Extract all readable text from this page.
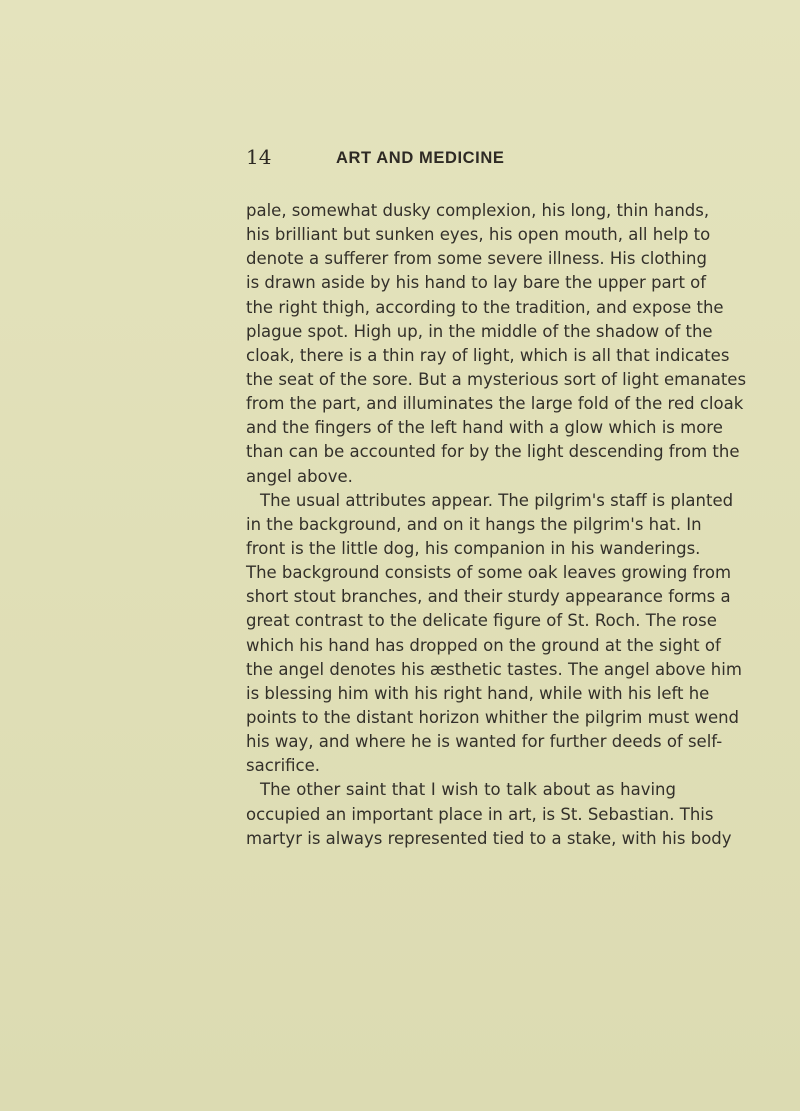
14	ART AND MEDICINE
pale, somewhat dusky complexion, his long, thin hands,
his brilliant but sunken eyes, his open mouth, all help to
denote a sufferer from some severe illness. His clothing
is drawn aside by his hand to lay bare the upper part of
the right thigh, according to the tradition, and expose the
plague spot. High up, in the middle of the shadow of the
cloak, there is a thin ray of light, which is all that indicates
the seat of the sore. But a mysterious sort of light emanates
from the part, and illuminates the large fold of the red cloak
and the fingers of the left hand with a glow which is more
than can be accounted for by the light descending from the
angel above.
The usual attributes appear. The pilgrim's staff is planted
in the background, and on it hangs the pilgrim's hat. In
front is the little dog, his companion in his wanderings.
The background consists of some oak leaves growing from
short stout branches, and their sturdy appearance forms a
great contrast to the delicate figure of St. Roch. The rose
which his hand has dropped on the ground at the sight of
the angel denotes his æsthetic tastes. The angel above him
is blessing him with his right hand, while with his left he
points to the distant horizon whither the pilgrim must wend
his way, and where he is wanted for further deeds of self-
sacrifice.
The other saint that I wish to talk about as having
occupied an important place in art, is St. Sebastian. This
martyr is always represented tied to a stake, with his body
